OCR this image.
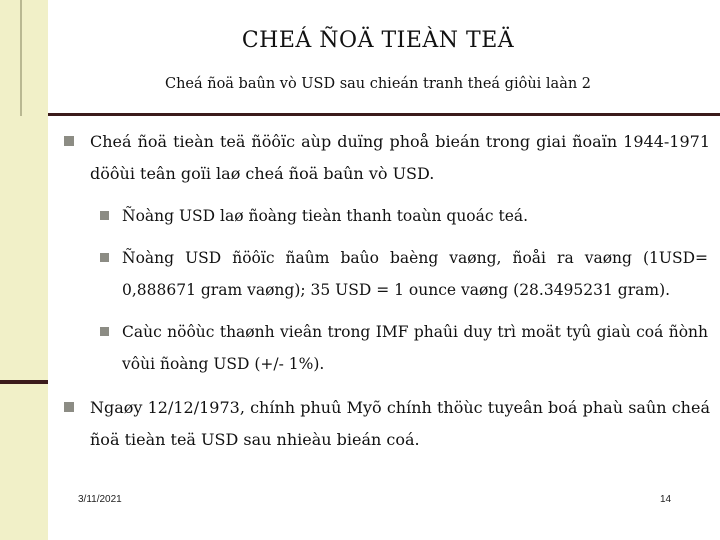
CHEÁ ÑOÄ TIEÀN TEÄ
Cheá ñoä baûn vò USD sau chieán tranh theá giôùi laàn 2
Cheá ñoä tieàn teä ñöôïc aùp duïng phoå bieán trong giai ñoaïn 1944-1971 döôùi teân goïi laø cheá ñoä baûn vò USD.
Ñoàng USD laø ñoàng tieàn thanh toaùn quoác teá.
Ñoàng USD ñöôïc ñaûm baûo baèng vaøng, ñoåi ra vaøng (1USD= 0,888671 gram vaøng); 35 USD = 1 ounce vaøng (28.3495231 gram).
Caùc nöôùc thaønh vieân trong IMF phaûi duy trì moät tyû giaù coá ñònh vôùi ñoàng USD (+/- 1%).
Ngaøy 12/12/1973, chính phuû Myõ chính thöùc tuyeân boá phaù saûn cheá ñoä tieàn teä USD sau nhieàu bieán coá.
3/11/2021	14
